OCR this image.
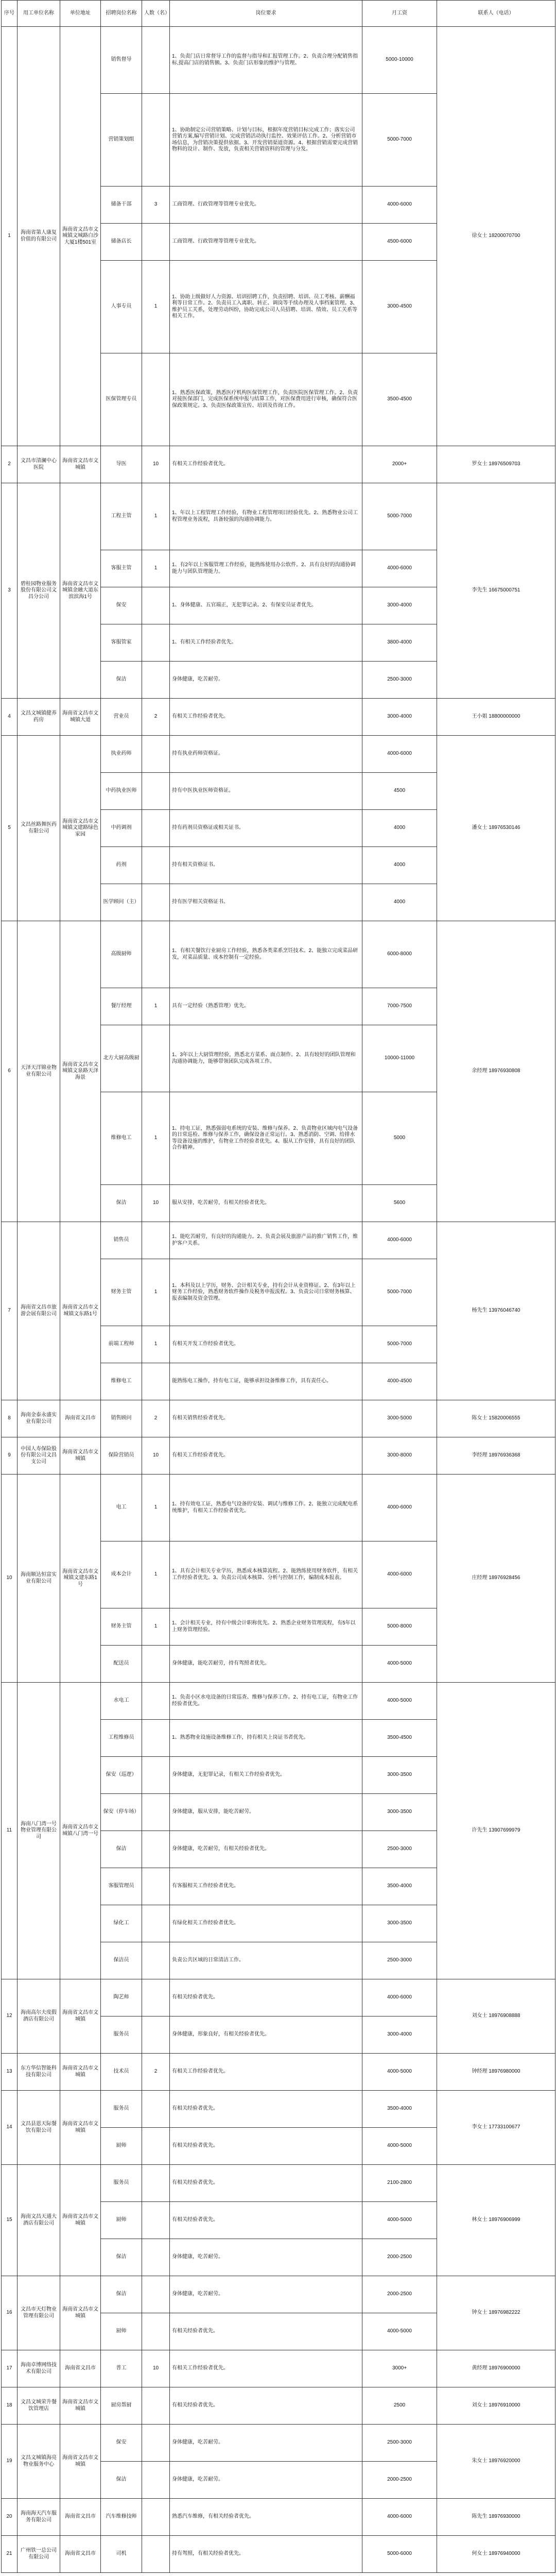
序号	用工单位名称	单位地址	招聘岗位名称	人数（名）	岗位要求	月工资	联系人（电话）
1	海南省第人康复价值的有限公司	海南省文昌市文城镇文城路白沙大厦1楼501室	销售督导		1、负责门店日常督导工作的监督与指导和汇报管理工作。2、负责合理分配销售指标,提高门店的销售额。3、负责门店形象的维护与管理。	5000-10000	徐女士 18200070700
			营销策划组		1、协助制定公司营销策略、计划与目标，根据年度营销目标完成工作；落实公司营销方案,编写营销计划、完成营销活动执行监控、效果评估工作。2、分析营销市场信息，为营销决策提供依据。3、开发营销渠道资源。4、根据营销需要完成营销物料的设计、制作、发放，负责相关营销资料的管理与分发。	5000-7000	
			储备干部	3	工商管理、行政管理等管理专业优先。	4000-6000	
			储备店长		工商管理、行政管理等管理专业优先。	4500-6000	
			人事专员	1	1、协助上级做好人力资源、培训招聘工作，负责招聘、培训、员工考核、薪酬福利等日常工作。2、负责员工入离职、转正、调岗等手续办理及人事档案管理。3、维护员工关系，处理劳动纠纷，协助完成公司人员招聘、培训、绩效、员工关系等相关工作。	3000-4500	
			医保管理专员		1、熟悉医保政策，熟悉医疗机构医保管理工作，负责医院医保管理工作。2、负责对接医保部门，完成医保系统申报与结算工作，对医保费用进行审核，确保符合医保政策规定。3、负责医保政策宣传、培训及咨询工作。	3500-4500	
2	文昌市清澜中心医院	海南省文昌市文城镇	导医	10	有相关工作经验者优先。	2000+	罗女士 18976509703
3	碧桂园物业服务股份有限公司文昌分公司	海南省文昌市文城镇金融大道东滨滨海1号	工程主管	1	1、年以上工程管理工作经验，有物业工程管理项目经验优先。2、熟悉物业公司工程管理业务流程，具备较强的沟通协调能力。	5000-7000	李先生 16675000751
			客服主管	1	1、有2年以上客服管理工作经验，能熟练使用办公软件。2、具有良好的沟通协调能力与团队管理能力。	4000-6000	
			保安		1、身体健康、五官端正，无犯罪记录。2、有保安员证者优先。	3000-4000	
			客服管家		1、有相关工作经验者优先。	3800-4000	
			保洁		身体健康，吃苦耐劳。	2500-3000	
4	文昌文城镇健养药房	海南省文昌市文城镇大道	营业员	2	有相关工作经验者优先。	3000-4000	王小姐 18800000000
5	文昌丝路舞医药有限公司	海南省文昌市文城镇文建路绿色家园	执业药师		持有执业药师资格证。	4000-6000	潘女士 18976530146
			中药执业医师		持有中医执业医师资格证。	4500	
			中药调剂		持有药剂员资格证或相关证书。	4000	
			药剂		持有相关资格证书。	4000	
			医学顾问（主）		持有医学相关资格证书。	4000	
6	天泽天洋锦业物业有限公司	海南省文昌市文城镇文泉路天泽海景	高级厨师		1、有相关餐饮行业厨房工作经验，熟悉各类菜系烹饪技术。2、能独立完成菜品研发，对菜品质量、成本控制有一定经验。	6000-8000	余经理 18976930808
			餐厅经理	1	具有一定经验（熟悉管理）优先。	7000-7500	
			北方大厨高级厨		1、3年以上大厨管理经验，熟悉北方菜系、面点制作。2、具有较好的团队管理和沟通协调能力，能够带领团队完成各项工作。	10000-11000	
			维修电工	1	1、持电工证，熟悉强弱电系统的安装、维修与保养。2、负责物业区域内电气设备的日常巡检、维修与保养工作，确保设备正常运行。3、熟悉消防、空调、给排水等设备设施的维护，有物业工作经验者优先。4、服从工作安排，具有良好的团队合作精神。	5000	
			保洁	10	服从安排，吃苦耐劳，有相关经验者优先。	5600	
7	海南省文昌市旅游会展有限公司	海南省文昌市文城镇文东路1号	销售员		1、能吃苦耐劳，有良好的沟通能力。2、负责会展及旅游产品的推广销售工作，维护客户关系。	4000-6000	杨先生 13976046740
			财务主管	1	1、本科及以上学历，财务、会计相关专业，持有会计从业资格证。2、有3年以上财务工作经验，熟悉财务软件操作及税务申报流程。3、负责公司日常财务核算、报表编制及资金管理。	5000-7000	
			前端工程师	1	有相关开发工作经验者优先。	5000-7000	
			维修电工		能熟练电工操作，持有电工证，能够承担设备维修工作，具有责任心。	4000-4500	
8	海南金泰永盛实业有限公司	海南省文昌市	销售顾问	2	有相关销售经验者优先。	3000-5000	陈女士 15820006555
9	中国人寿保险股份有限公司文昌支公司	海南省文昌市文城镇	保险营销员	10	有相关工作经验者优先。	3000-8000	李经理 18976936368
10	海南顺达恒富实业有限公司	海南省文昌市文城镇文建东路1号	电工	1	1、持有效电工证，熟悉电气设备的安装、调试与维修工作。2、能独立完成配电系统维护，有相关工作经验者优先。	4000-6000	庄经理 18976928456
			成本会计	1	1、具有会计相关专业学历，熟悉成本核算流程。2、能熟练使用财务软件，有相关工作经验者优先。3、负责公司成本核算、分析与控制工作，编制成本报表。	4000-6000	
			财务主管	1	1、会计相关专业，持有中级会计职称优先。2、熟悉企业财务管理流程，有5年以上财务管理经验。	5000-8000	
			配送员		身体健康，能吃苦耐劳，持有驾照者优先。	4000-5000	
11	海南八门湾一号物业管理有限公司	海南省文昌市文城镇八门湾一号	水电工		1、负责小区水电设备的日常巡查、维修与保养工作。2、持有电工证，有物业工作经验者优先。	4000-5000	许先生 13907699979
			工程维修员		1、熟悉物业设施设备维修工作，持有相关上岗证书者优先。	3500-4500	
			保安（巡逻）		身体健康，无犯罪记录，有相关工作经验者优先。	3000-3500	
			保安（停车场）		身体健康，服从安排，能吃苦耐劳。	3000-3500	
			保洁		身体健康，吃苦耐劳，有相关经验者优先。	2500-3000	
			客服管理员		有客服相关工作经验者优先。	3500-4000	
			绿化工		有绿化相关工作经验者优先。	3000-3500	
			保洁员		负责公共区域的日常清洁工作。	2500-3000	
12	海南高尔夫度假酒店有限公司	海南省文昌市文城镇	陶艺师		有相关经验者优先。	4000-6000	刘女士 18976908888
			服务员		身体健康，形象良好，有相关经验者优先。	3000-4000	
13	东方华信智能科技有限公司	海南省文昌市文城镇	技术员	2	有相关工作经验者优先。	4000-5000	钟经理 18976980000
14	文昌县恩天际餐饮有限公司	海南省文昌市文城镇	服务员		有相关经验者优先。	3500-4000	李女士 17733100677
			厨师		有相关经验者优先。	4000-5000	
15	海南文昌天通大酒店有限公司	海南省文昌市文城镇	服务员		有相关经验者优先。	2100-2800	林女士 18976906999
			厨师		有相关经验者优先。	4000-5000	
			保洁		身体健康，吃苦耐劳。	2000-2500	
16	文昌市天灯物业管理有限公司	海南省文昌市文城镇	保洁		身体健康，吃苦耐劳。	2000-2500	钟女士 18976982222
			厨师		有相关经验者优先。	4000-5000	
17	海南卓博网络技术有限公司	海南省文昌市	普工	10	有相关工作经验者优先。	3000+	黄经理 18976900000
18	文昌文城荣升餐饮管理店	海南省文昌市文城镇	厨房帮厨		有相关经验者优先。	2500	刘女士 18976910000
19	文昌文城镇海亮物业服务中心	海南省文昌市文城镇	保安		身体健康，吃苦耐劳。	2500-3000	朱女士 18976920000
			保洁		身体健康，吃苦耐劳。	2000-2500	
20	海南海天汽车服务有限公司	海南省文昌市	汽车维修技师		熟悉汽车维修，有相关经验者优先。	4000-6000	陈先生 18976930000
21	广州铁一总公司有限公司	海南省文昌市	司机		持有驾照，有相关经验者优先。	5000-6000	何女士 18976940000
